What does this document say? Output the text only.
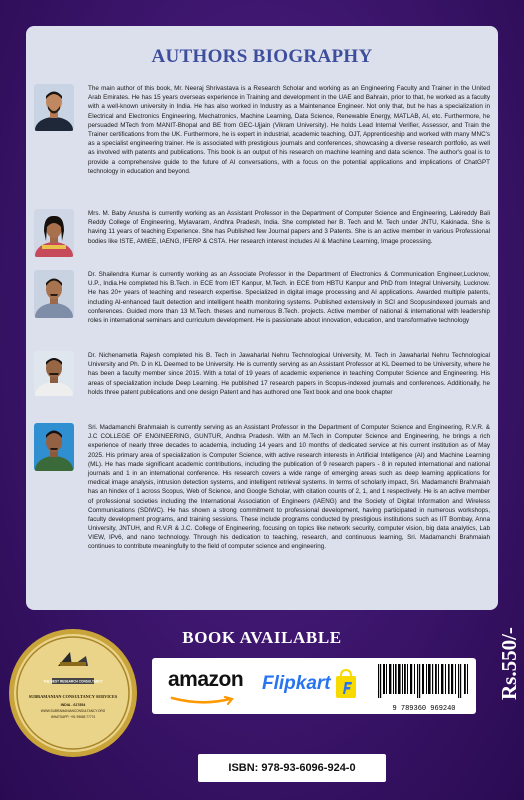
AUTHORS BIOGRAPHY
The main author of this book, Mr. Neeraj Shrivastava is a Research Scholar and working as an Engineering Faculty and Trainer in the United Arab Emirates. He has 15 years overseas experience in Training and development in the UAE and Bahrain, prior to that, he worked as a faculty with a well-known university in India. He has also worked in Industry as a Maintenance Engineer. Not only that, but he has a specialization in Electrical and Electronics Engineering, Mechatronics, Machine Learning, Data Science, Renewable Energy, MATLAB, AI, etc. Furthermore, he persuaded MTech from MANIT-Bhopal and BE from GEC-Ujjain (Vikram University). He holds Lead Internal Verifier, Assessor, and Train the Trainer certifications from the UK. Furthermore, he is expert in industrial, academic teaching, OJT, Apprenticeship and worked with many MNC's as a specialist engineering trainer. He is associated with prestigious journals and conferences, showcasing a diverse research portfolio, as well as involved with patents and publications. This book is an output of his research on machine learning and data science. The author's goal is to provide a comprehensive guide to the future of AI conversations, with a focus on the potential applications and implications of ChatGPT technology in education and beyond.
Mrs. M. Baby Anusha is currently working as an Assistant Professor in the Department of Computer Science and Engineering, Lakireddy Bali Reddy College of Engineering, Mylavaram, Andhra Pradesh, India. She completed her B. Tech and M. Tech under JNTU, Kakinada. She is having 11 years of teaching Experience. She has Published few Journal papers and 3 Patents. She is an active member in various Professional bodies like ISTE, AMIEE, IAENG, IFERP & CSTA. Her research interest includes AI & Machine Learning, Image processing.
Dr. Shailendra Kumar is currently working as an Associate Professor in the Department of Electronics & Communication Engineer,Lucknow, U.P., India.He completed his B.Tech. in ECE from IET Kanpur, M.Tech. in ECE from HBTU Kanpur and PhD from Integral University, Lucknow. He has 20+ years of teaching and research expertise. Specialized in digital image processing and AI applications. Awarded multiple patents, including AI-enhanced fault detection and intelligent health monitoring systems. Published extensively in SCI and Scopusindexed journals and conferences. Guided more than 13 M.Tech. theses and numerous B.Tech. projects. Active member of national & international with leadership roles in international seminars and curriculum development. He is passionate about innovation, education, and transformative technology
Dr. Nichenametla Rajesh completed his B. Tech in Jawaharlal Nehru Technological University, M. Tech in Jawaharlal Nehru Technological University and Ph. D in KL Deemed to be University. He is currently serving as an Assistant Professor at KL Deemed to be University, where he has been a faculty member since 2015. With a total of 19 years of academic experience in teaching Computer Science and Engineering. His areas of specialization include Deep Learning. He published 17 research papers in Scopus-indexed journals and conferences. Additionally, he holds three patent publications and one design Patent and has authored one Text book and one book chapter
Sri. Madamanchi Brahmaiah is currently serving as an Assistant Professor in the Department of Computer Science and Engineering, R.V.R. & J.C COLLEGE OF ENGINEERING, GUNTUR, Andhra Pradesh. With an M.Tech in Computer Science and Engineering, he brings a rich experience of nearly three decades to academia, including 14 years and 10 months of dedicated service at his current institution as of May 2025. His primary area of specialization is Computer Science, with active research interests in Artificial Intelligence (AI) and Machine Learning (ML). He has made significant academic contributions, including the publication of 9 research papers - 8 in reputed international and national journals and 1 in an international conference. His research covers a wide range of emerging areas such as deep learning applications for medical image analysis, intrusion detection systems, and intelligent retrieval systems. In terms of scholarly impact, Sri. Madamanchi Brahmaiah has an hindex of 1 across Scopus, Web of Science, and Google Scholar, with citation counts of 2, 1, and 1 respectively. He is an active member of professional societies including the International Association of Engineers (IAENG) and the Society of Digital Information and Wireless Communications (SDIWC). He has shown a strong commitment to professional development, having participated in numerous workshops, faculty development programs, and training sessions. These include programs conducted by prestigious institutions such as IIT Bombay, Anna University, JNTUH, and R.V.R & J.C. College of Engineering, focusing on topics like network security, computer vision, big data analytics, Lab VIEW, IPv6, and nano technology. Through his dedication to teaching, research, and continuous learning, Sri. Madamanchi Brahmaiah continues to contribute meaningfully to the field of computer science and engineering.
THE BEST RESEARCH CONSULTANCY
SUBRAMANIAN CONSULTANCY SERVICES
INDIA - 627854
WWW.SUBRAMANIANCONSULTANCY.ORG
WHATSAPP: +91 99665 77774
BOOK AVAILABLE
amazon Flipkart
9 789360 969240
ISBN: 978-93-6096-924-0
Rs.550/-
